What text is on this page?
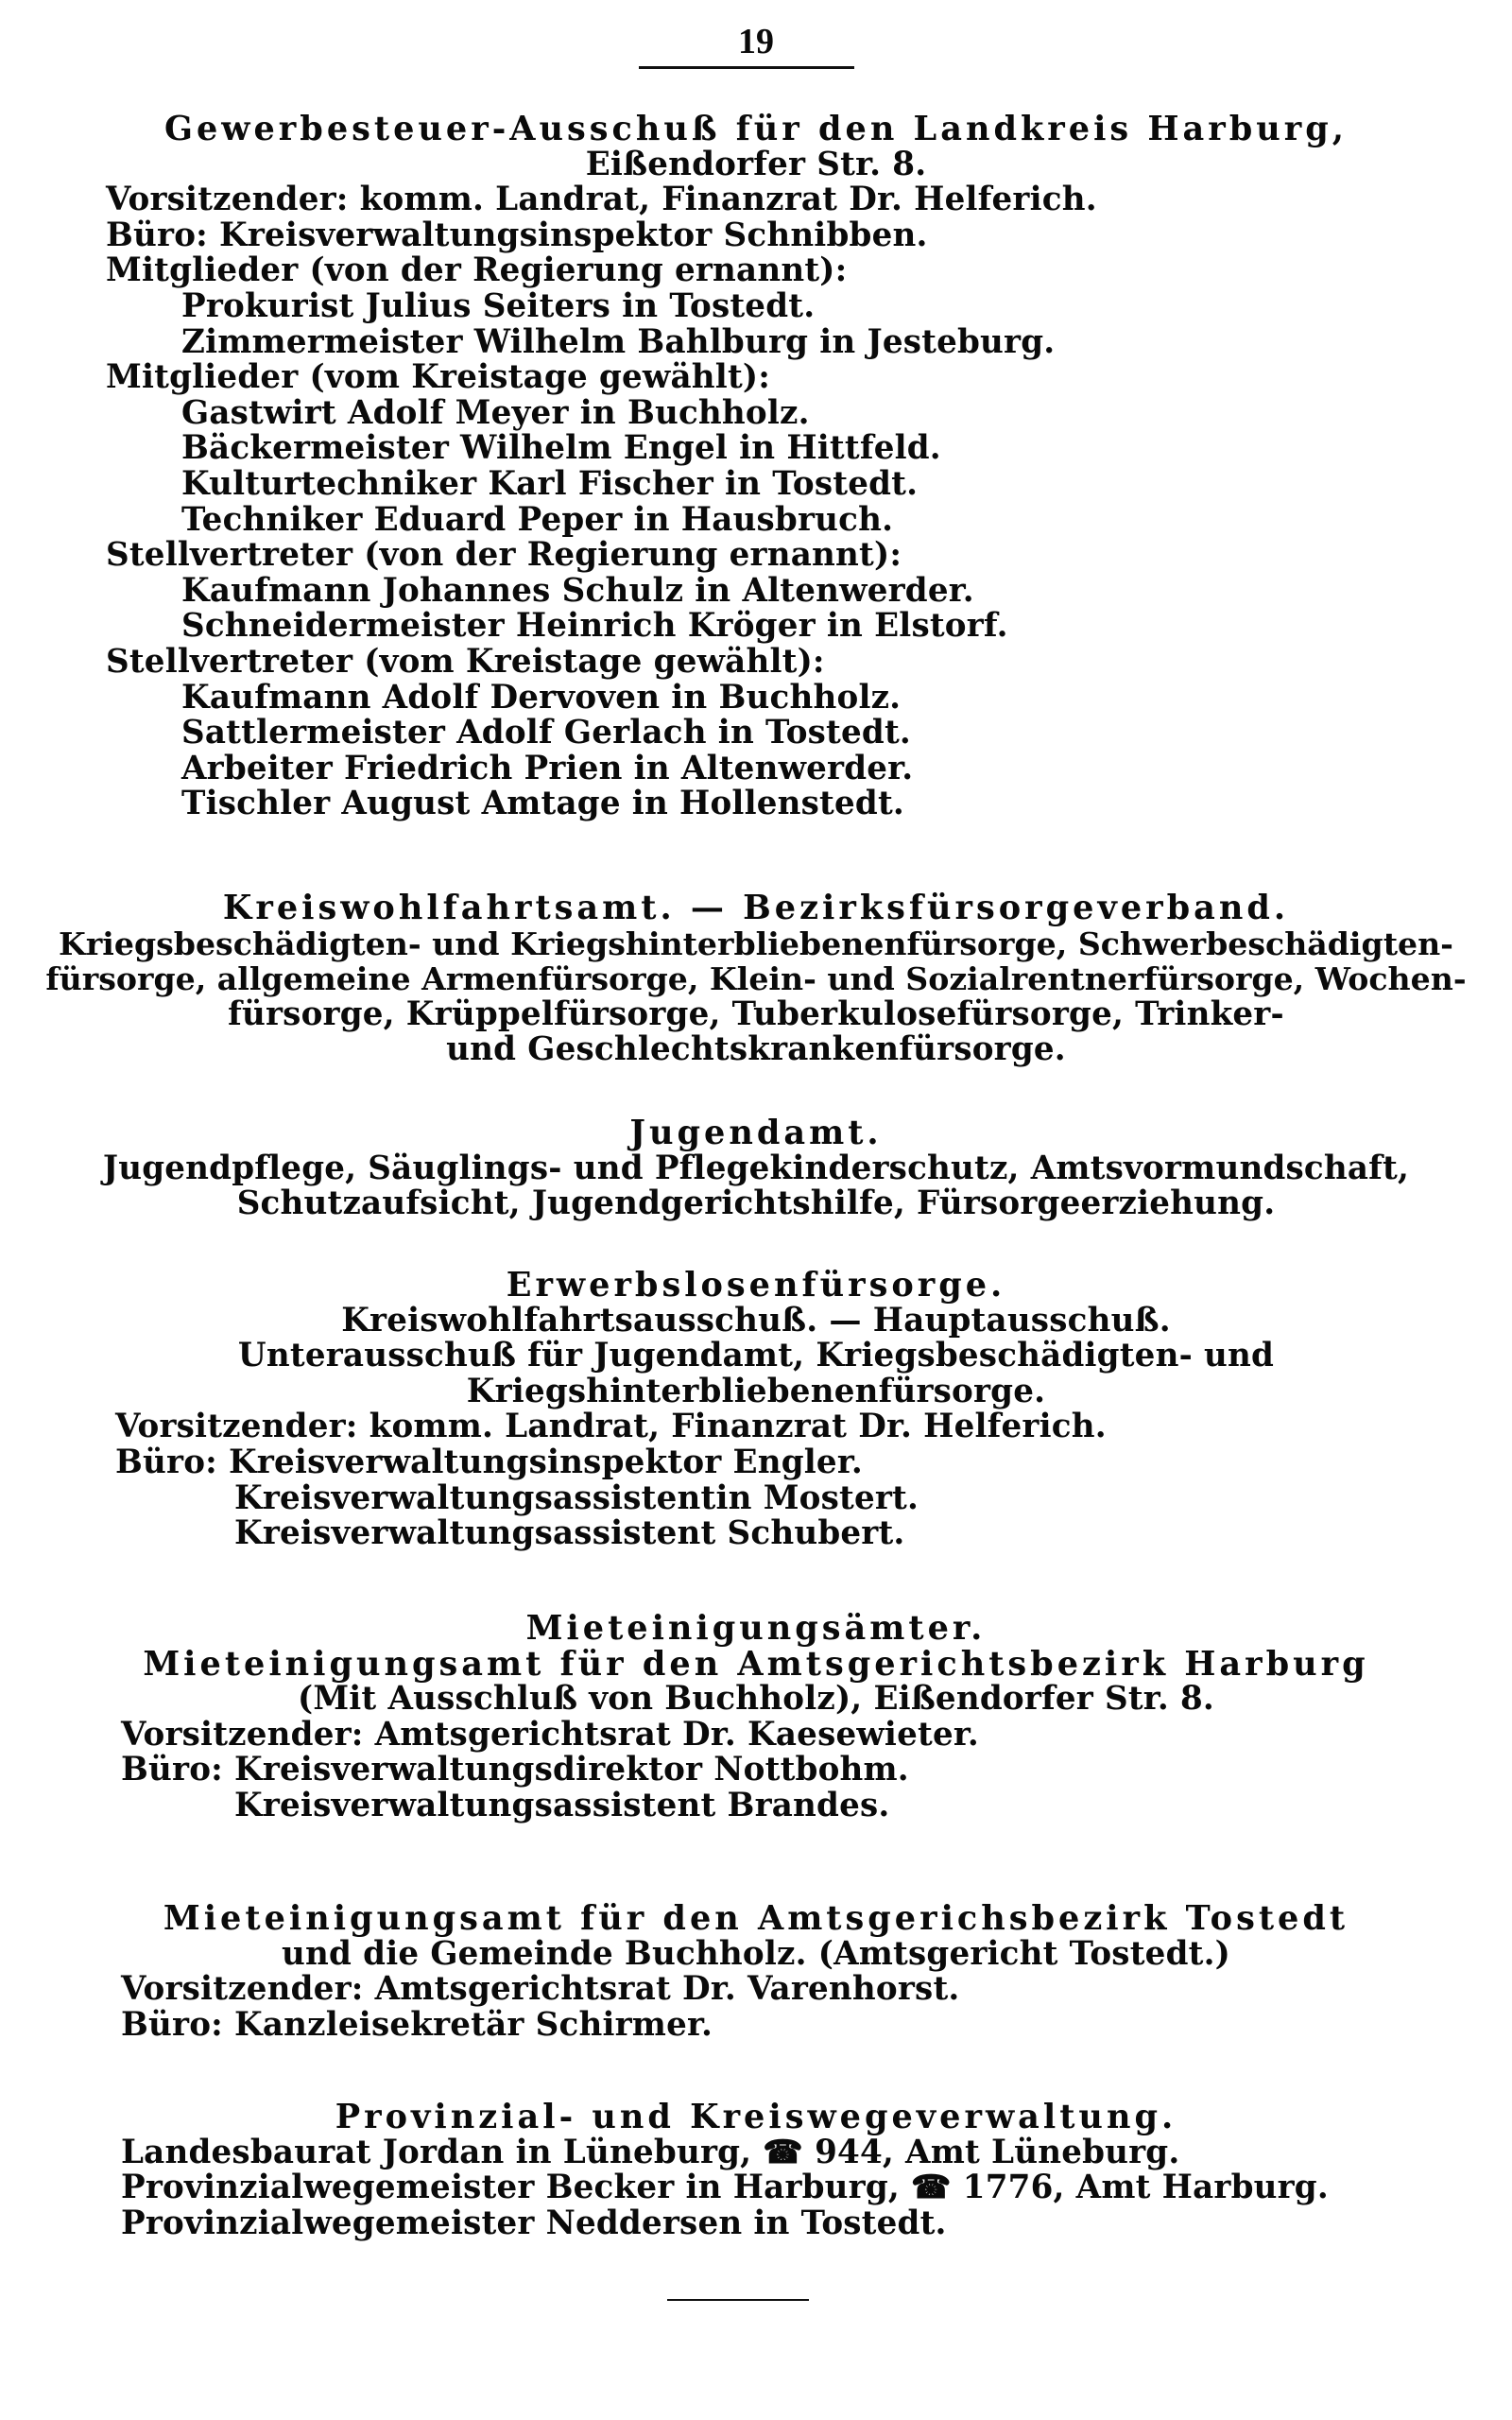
19
Gewerbesteuer-Ausschuß für den Landkreis Harburg,
Eißendorfer Str. 8.
Vorsitzender: komm. Landrat, Finanzrat Dr. Helferich.
Büro: Kreisverwaltungsinspektor Schnibben.
Mitglieder (von der Regierung ernannt):
Prokurist Julius Seiters in Tostedt.
Zimmermeister Wilhelm Bahlburg in Jesteburg.
Mitglieder (vom Kreistage gewählt):
Gastwirt Adolf Meyer in Buchholz.
Bäckermeister Wilhelm Engel in Hittfeld.
Kulturtechniker Karl Fischer in Tostedt.
Techniker Eduard Peper in Hausbruch.
Stellvertreter (von der Regierung ernannt):
Kaufmann Johannes Schulz in Altenwerder.
Schneidermeister Heinrich Kröger in Elstorf.
Stellvertreter (vom Kreistage gewählt):
Kaufmann Adolf Dervoven in Buchholz.
Sattlermeister Adolf Gerlach in Tostedt.
Arbeiter Friedrich Prien in Altenwerder.
Tischler August Amtage in Hollenstedt.
Kreiswohlfahrtsamt. — Bezirksfürsorgeverband.
Kriegsbeschädigten- und Kriegshinterbliebenenfürsorge, Schwerbeschädigten-
fürsorge, allgemeine Armenfürsorge, Klein- und Sozialrentnerfürsorge, Wochen-
fürsorge, Krüppelfürsorge, Tuberkulosefürsorge, Trinker-
und Geschlechtskrankenfürsorge.
Jugendamt.
Jugendpflege, Säuglings- und Pflegekinderschutz, Amtsvormundschaft,
Schutzaufsicht, Jugendgerichtshilfe, Fürsorgeerziehung.
Erwerbslosenfürsorge.
Kreiswohlfahrtsausschuß. — Hauptausschuß.
Unterausschuß für Jugendamt, Kriegsbeschädigten- und
Kriegshinterbliebenenfürsorge.
Vorsitzender: komm. Landrat, Finanzrat Dr. Helferich.
Büro: Kreisverwaltungsinspektor Engler.
Kreisverwaltungsassistentin Mostert.
Kreisverwaltungsassistent Schubert.
Mieteinigungsämter.
Mieteinigungsamt für den Amtsgerichtsbezirk Harburg
(Mit Ausschluß von Buchholz), Eißendorfer Str. 8.
Vorsitzender: Amtsgerichtsrat Dr. Kaesewieter.
Büro: Kreisverwaltungsdirektor Nottbohm.
Kreisverwaltungsassistent Brandes.
Mieteinigungsamt für den Amtsgerichsbezirk Tostedt
und die Gemeinde Buchholz. (Amtsgericht Tostedt.)
Vorsitzender: Amtsgerichtsrat Dr. Varenhorst.
Büro: Kanzleisekretär Schirmer.
Provinzial- und Kreiswegeverwaltung.
Landesbaurat Jordan in Lüneburg, ☎ 944, Amt Lüneburg.
Provinzialwegemeister Becker in Harburg, ☎ 1776, Amt Harburg.
Provinzialwegemeister Neddersen in Tostedt.
